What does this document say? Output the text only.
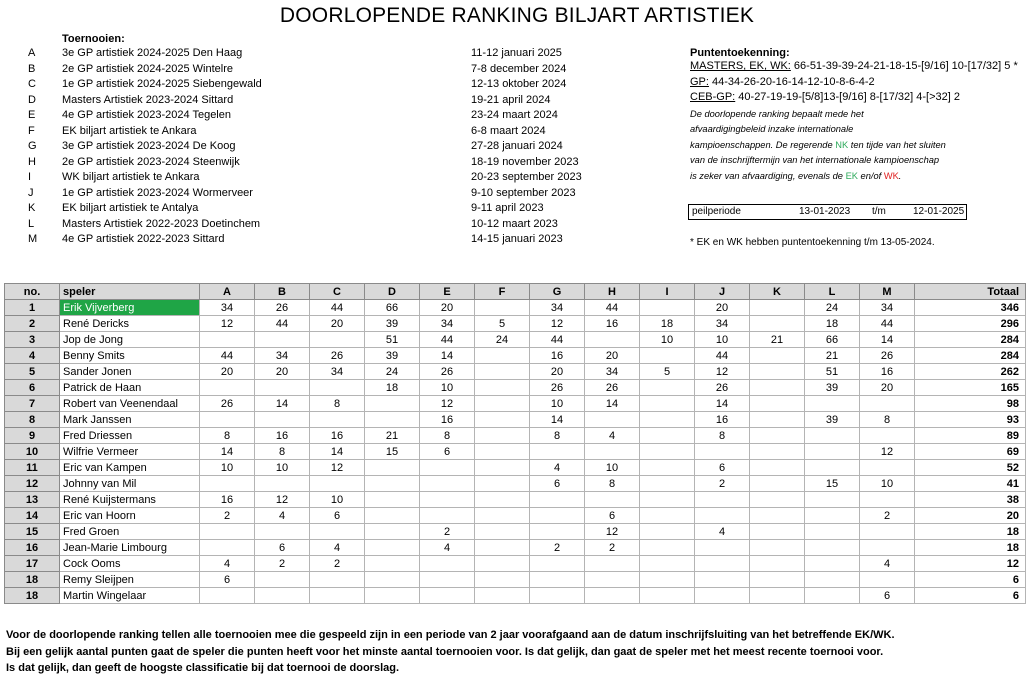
DOORLOPENDE RANKING BILJART ARTISTIEK
Toernooien:
A	3e GP artistiek 2024-2025 Den Haag	11-12 januari 2025
B	2e GP artistiek 2024-2025 Wintelre	7-8 december 2024
C	1e GP artistiek 2024-2025 Siebengewald	12-13 oktober 2024
D	Masters Artistiek 2023-2024 Sittard	19-21 april 2024
E	4e GP artistiek 2023-2024 Tegelen	23-24 maart 2024
F	EK biljart artistiek te Ankara	6-8 maart 2024
G	3e GP artistiek 2023-2024 De Koog	27-28 januari 2024
H	2e GP artistiek 2023-2024 Steenwijk	18-19 november 2023
I	WK biljart artistiek te Ankara	20-23 september 2023
J	1e GP artistiek 2023-2024 Wormerveer	9-10 september 2023
K	EK biljart artistiek te Antalya	9-11 april 2023
L	Masters Artistiek 2022-2023 Doetinchem	10-12 maart 2023
M	4e GP artistiek 2022-2023 Sittard	14-15 januari 2023
Puntentoekenning:
MASTERS, EK, WK: 66-51-39-39-24-21-18-15-[9/16] 10-[17/32] 5 *
GP: 44-34-26-20-16-14-12-10-8-6-4-2
CEB-GP: 40-27-19-19-[5/8]13-[9/16] 8-[17/32] 4-[>32] 2
De doorlopende ranking bepaalt mede het
afvaardigingbeleid inzake internationale
kampioenschappen. De regerende NK ten tijde van het sluiten
van de inschrijftermijn van het internationale kampioenschap
is zeker van afvaardiging, evenals de EK en/of WK.
peilperiode	13-01-2023 t/m	12-01-2025
* EK en WK hebben puntentoekenning t/m 13-05-2024.
no.	speler	A	B	C	D	E	F	G	H	I	J	K	L	M	Totaal
1	Erik Vijverberg	34	26	44	66	20		34	44		20		24	34	346
2	René Dericks	12	44	20	39	34	5	12	16	18	34		18	44	296
3	Jop de Jong				51	44	24	44		10	10	21	66	14	284
4	Benny Smits	44	34	26	39	14		16	20		44		21	26	284
5	Sander Jonen	20	20	34	24	26		20	34	5	12		51	16	262
6	Patrick de Haan				18	10		26	26		26		39	20	165
7	Robert van Veenendaal	26	14	8		12		10	14		14				98
8	Mark Janssen					16		14			16		39	8	93
9	Fred Driessen	8	16	16	21	8		8	4		8				89
10	Wilfrie Vermeer	14	8	14	15	6								12	69
11	Eric van Kampen	10	10	12				4	10		6				52
12	Johnny van Mil							6	8		2		15	10	41
13	René Kuijstermans	16	12	10											38
14	Eric van Hoorn	2	4	6					6					2	20
15	Fred Groen					2			12		4				18
16	Jean-Marie Limbourg		6	4		4		2	2						18
17	Cock Ooms	4	2	2										4	12
18	Remy Sleijpen	6													6
18	Martin Wingelaar													6	6
Voor de doorlopende ranking tellen alle toernooien mee die gespeeld zijn in een periode van 2 jaar voorafgaand aan de datum inschrijfsluiting van het betreffende EK/WK.
Bij een gelijk aantal punten gaat de speler die punten heeft voor het minste aantal toernooien voor. Is dat gelijk, dan gaat de speler met het meest recente toernooi voor.
Is dat gelijk, dan geeft de hoogste classificatie bij dat toernooi de doorslag.
